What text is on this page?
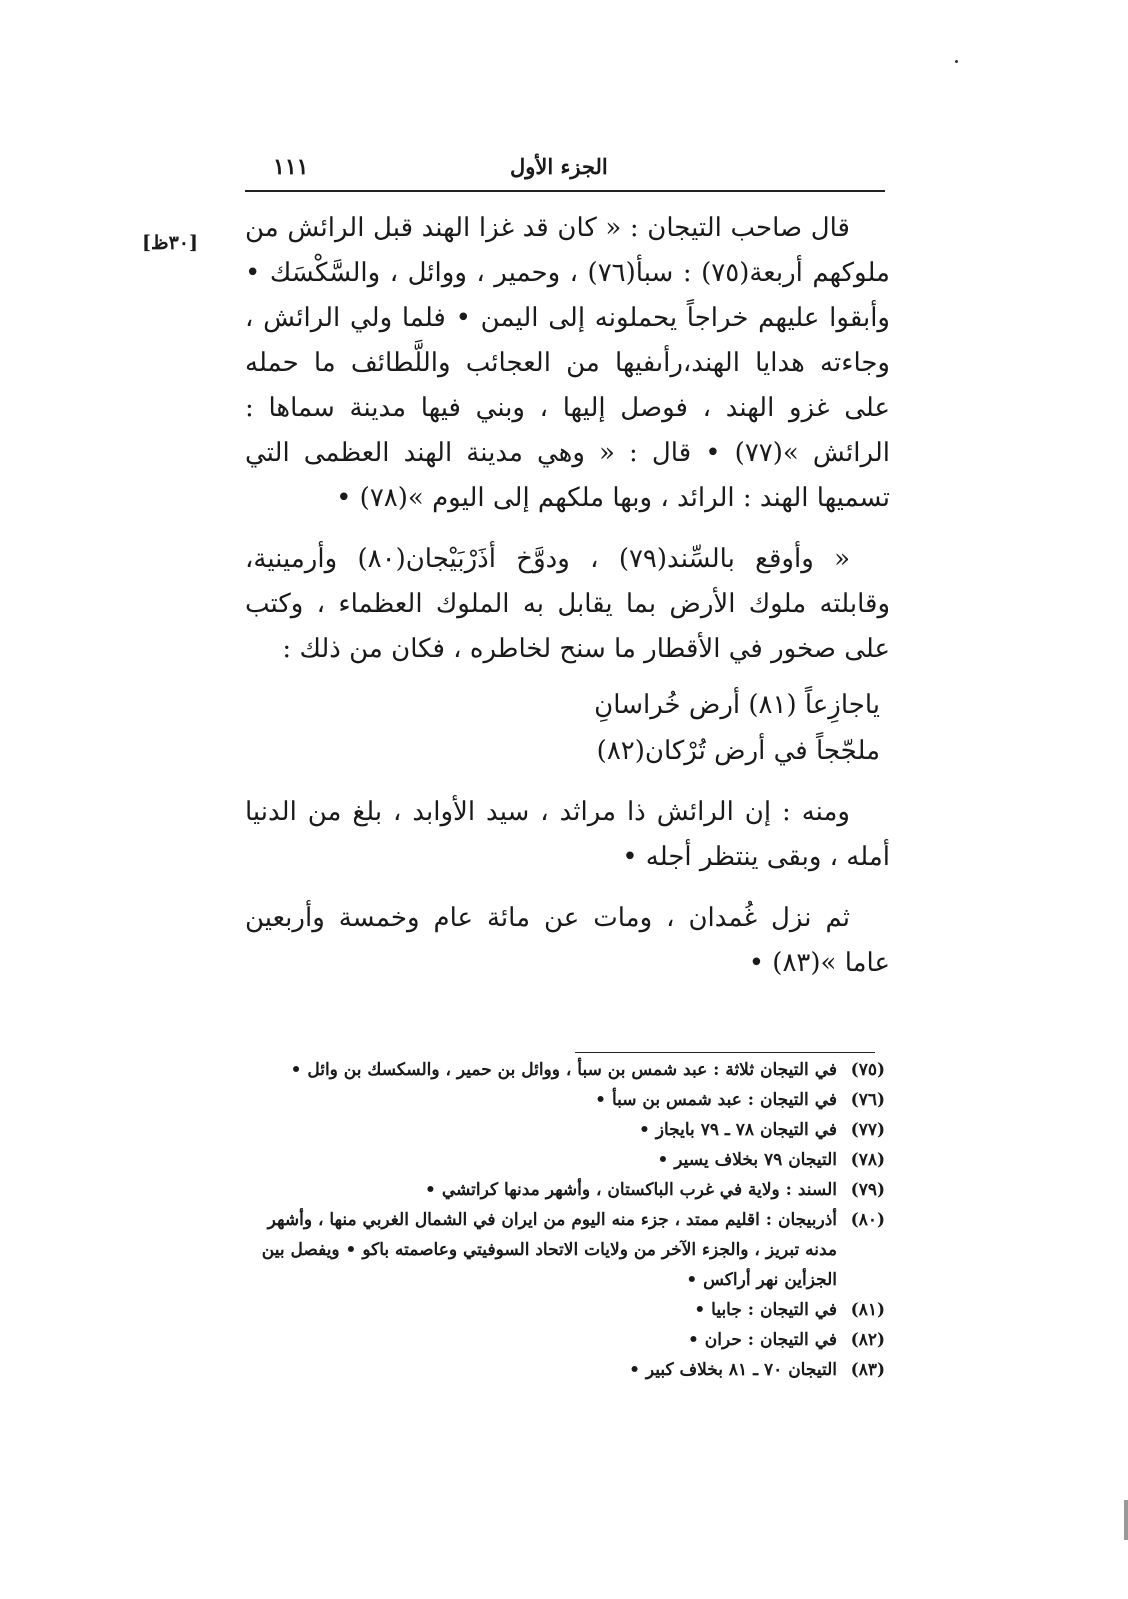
١١١	الجزء الأول
[٣٠ظ] قال صاحب التيجان : « كان قد غزا الهند قبل الرائش من ملوكهم أربعة(٧٥) : سبأ(٧٦) ، وحمير ، ووائل ، والسَّكْسَك • وأبقوا عليهم خراجاً يحملونه إلى اليمن • فلما ولي الرائش ، وجاءته هدايا الهند،رأىفيها من العجائب واللَّطائف ما حمله على غزو الهند ، فوصل إليها ، وبني فيها مدينة سماها : الرائش »(٧٧) • قال : « وهي مدينة الهند العظمى التي تسميها الهند : الرائد ، وبها ملكهم إلى اليوم »(٧٨) •

« وأوقع بالسِّند(٧٩) ، ودوَّخ أذَرْبَيْجان(٨٠) وأرمينية، وقابلته ملوك الأرض بما يقابل به الملوك العظماء ، وكتب على صخور في الأقطار ما سنح لخاطره ، فكان من ذلك :

ياجازِعاً (٨١) أرض خُراسانِ
ملجّجاً في أرض تُرْكان(٨٢)

ومنه : إن الرائش ذا مراثد ، سيد الأوابد ، بلغ من الدنيا أمله ، وبقى ينتظر أجله •

ثم نزل غُمدان ، ومات عن مائة عام وخمسة وأربعين عاما »(٨٣) •

(٧٥)
في التيجان ثلاثة : عبد شمس بن سبأ ، ووائل بن حمير ، والسكسك بن وائل •
(٧٦)
في التيجان : عبد شمس بن سبأ •
(٧٧)
في التيجان ٧٨ ـ ٧٩ بايجاز •
(٧٨)
التيجان ٧٩ بخلاف يسير •
(٧٩)
السند : ولاية في غرب الباكستان ، وأشهر مدنها كراتشي •
(٨٠)
أذربيجان : اقليم ممتد ، جزء منه اليوم من ايران في الشمال الغربي منها ، وأشهر مدنه تبريز ، والجزء الآخر من ولايات الاتحاد السوفيتي وعاصمته باكو • ويفصل بين الجزأين نهر أراكس •
(٨١)
في التيجان : جابيا •
(٨٢)
في التيجان : حران •
(٨٣)
التيجان ٧٠ ـ ٨١ بخلاف كبير •
